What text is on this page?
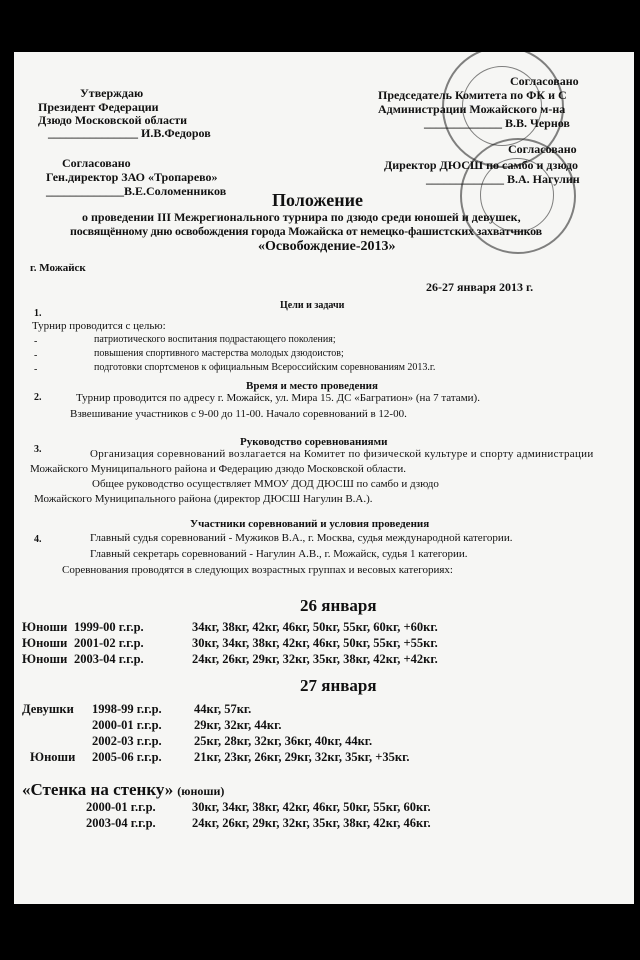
Утверждаю
Президент Федерации
Дзюдо Московской области
_______________ И.В.Федоров
Согласовано
Ген.директор ЗАО «Тропарево»
_____________В.Е.Соломенников
Согласовано
Председатель Комитета по ФК и С
Администрации Можайского м-на
_____________ В.В. Чернов
Согласовано
Директор ДЮСШ по самбо и дзюдо
_____________ В.А. Нагулин
Положение
о проведении III Межрегионального турнира по дзюдо среди юношей и девушек,
посвящённому дню освобождения города Можайска от немецко-фашистских захватчиков
«Освобождение-2013»
г. Можайск
26-27 января 2013 г.
1.
Цели и задачи
Турнир проводится с целью:
-	патриотического воспитания подрастающего поколения;
-	повышения спортивного мастерства молодых дзюдоистов;
-	подготовки спортсменов к официальным Всероссийским соревнованиям 2013.г.
2.
Время и место проведения
Турнир проводится по адресу г. Можайск, ул. Мира 15. ДС «Багратион» (на 7 татами).
Взвешивание участников с 9-00 до 11-00. Начало соревнований в 12-00.
3.
Руководство соревнованиями
Организация соревнований возлагается на Комитет по физической культуре и спорту администрации
Можайского Муниципального района и Федерацию дзюдо Московской области.
Общее руководство осуществляет ММОУ ДОД ДЮСШ по самбо и дзюдо
Можайского Муниципального района (директор ДЮСШ Нагулин В.А.).
4.
Участники соревнований и условия проведения
Главный судья соревнований - Мужиков В.А., г. Москва, судья международной категории.
Главный секретарь соревнований - Нагулин А.В., г. Можайск, судья 1 категории.
Соревнования проводятся в следующих возрастных группах и весовых категориях:
26 января
Юноши 1999-00 г.г.р.	34кг, 38кг, 42кг, 46кг, 50кг, 55кг, 60кг, +60кг.
Юноши 2001-02 г.г.р.	30кг, 34кг, 38кг, 42кг, 46кг, 50кг, 55кг, +55кг.
Юноши 2003-04 г.г.р.	24кг, 26кг, 29кг, 32кг, 35кг, 38кг, 42кг, +42кг.
27 января
Девушки 1998-99 г.г.р.	44кг, 57кг.
2000-01 г.г.р.	29кг, 32кг, 44кг.
2002-03 г.г.р.	25кг, 28кг, 32кг, 36кг, 40кг, 44кг.
Юноши 2005-06 г.г.р.	21кг, 23кг, 26кг, 29кг, 32кг, 35кг, +35кг.
«Стенка на стенку» (юноши)
2000-01 г.г.р.	30кг, 34кг, 38кг, 42кг, 46кг, 50кг, 55кг, 60кг.
2003-04 г.г.р.	24кг, 26кг, 29кг, 32кг, 35кг, 38кг, 42кг, 46кг.
